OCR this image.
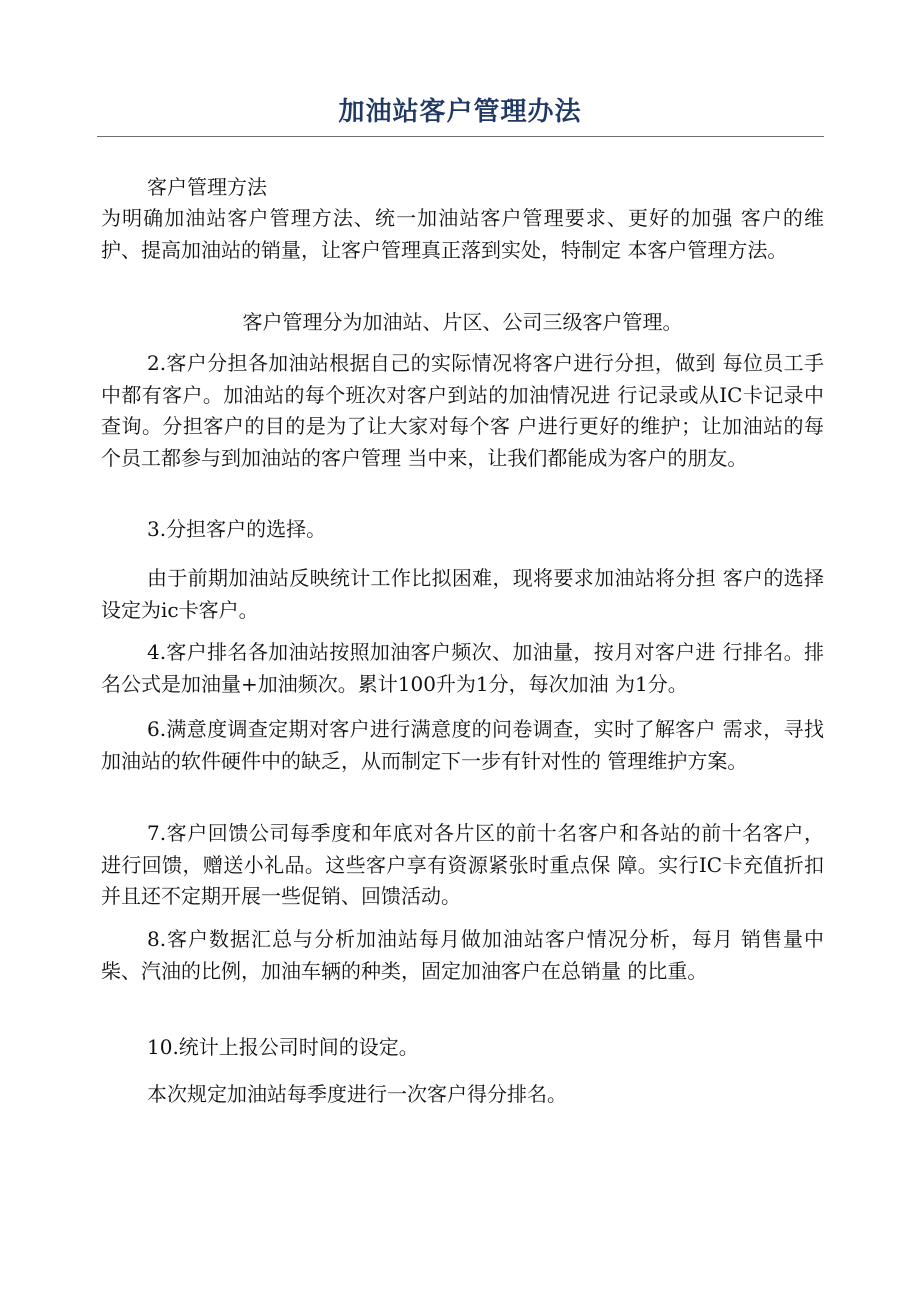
加油站客户管理办法

客户管理方法

为明确加油站客户管理方法、统一加油站客户管理要求、更好的加强 客户的维护、提高加油站的销量，让客户管理真正落到实处，特制定 本客户管理方法。

客户管理分为加油站、片区、公司三级客户管理。

2.客户分担各加油站根据自己的实际情况将客户进行分担，做到 每位员工手中都有客户。加油站的每个班次对客户到站的加油情况进 行记录或从IC卡记录中查询。分担客户的目的是为了让大家对每个客 户进行更好的维护；让加油站的每个员工都参与到加油站的客户管理 当中来，让我们都能成为客户的朋友。

3.分担客户的选择。

由于前期加油站反映统计工作比拟困难，现将要求加油站将分担 客户的选择设定为ic卡客户。

4.客户排名各加油站按照加油客户频次、加油量，按月对客户进 行排名。排名公式是加油量+加油频次。累计100升为1分，每次加油 为1分。

6.满意度调查定期对客户进行满意度的问卷调查，实时了解客户 需求，寻找加油站的软件硬件中的缺乏，从而制定下一步有针对性的 管理维护方案。

7.客户回馈公司每季度和年底对各片区的前十名客户和各站的前十名客户，进行回馈，赠送小礼品。这些客户享有资源紧张时重点保 障。实行IC卡充值折扣并且还不定期开展一些促销、回馈活动。

8.客户数据汇总与分析加油站每月做加油站客户情况分析，每月 销售量中柴、汽油的比例，加油车辆的种类，固定加油客户在总销量 的比重。

10.统计上报公司时间的设定。

本次规定加油站每季度进行一次客户得分排名。
